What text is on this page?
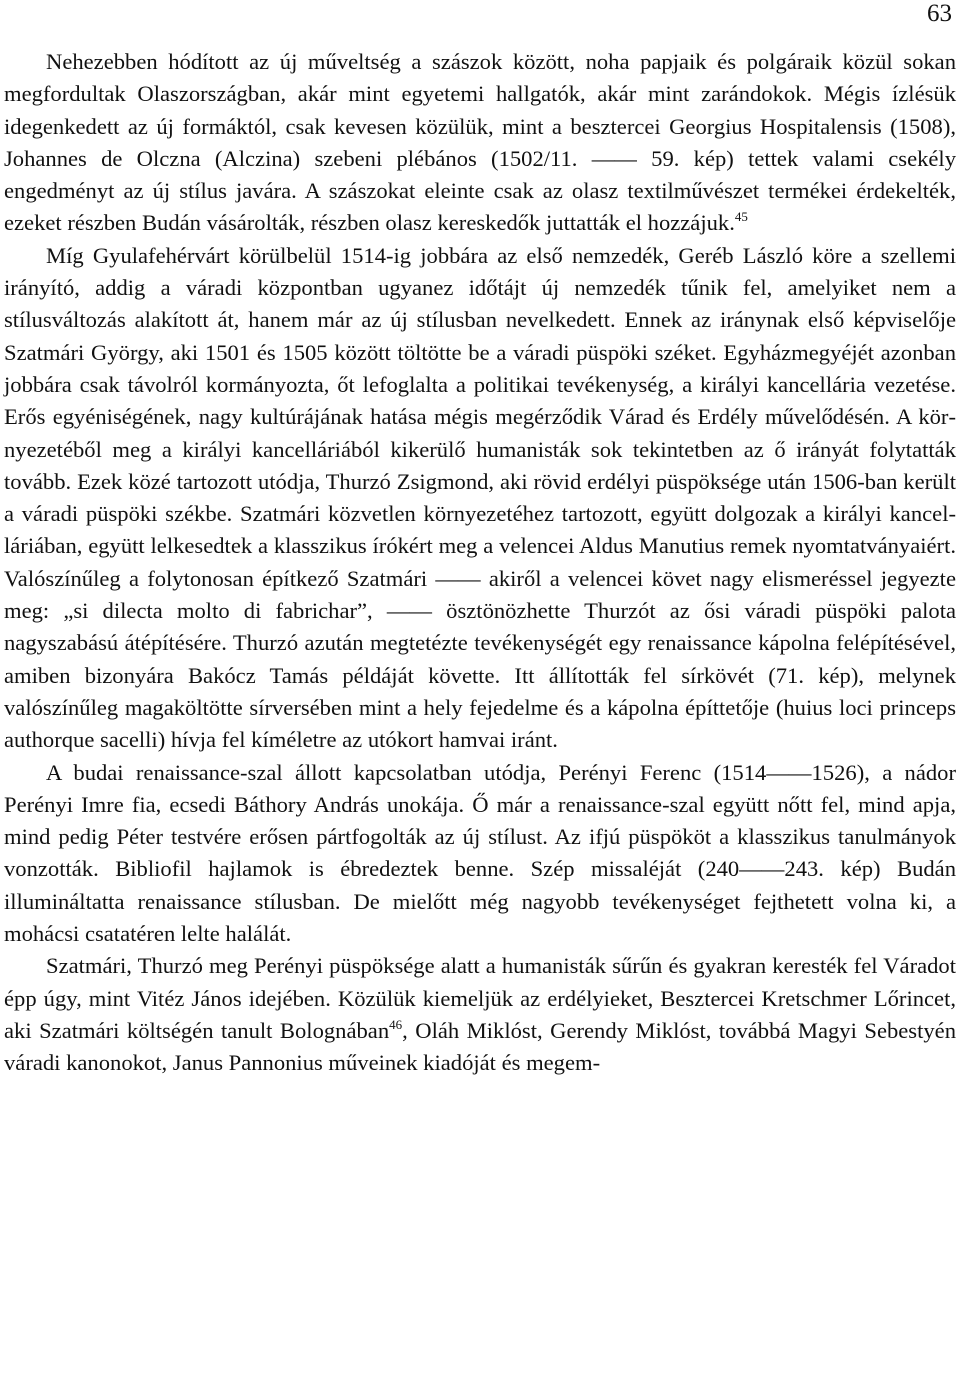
63

Nehezebben hódított az új műveltség a szászok között, noha papjaik és polgáraik közül sokan megfordultak Olaszországban, akár mint egyetemi hallgatók, akár mint zarándokok. Mégis ízlésük idegenkedett az új formáktól, csak kevesen közülük, mint a besztercei Georgius Hospitalensis (1508), Johannes de Olczna (Alczina) szebeni plébános (1502/11. —— 59. kép) tettek valami csekély engedményt az új stílus javára. A szászokat eleinte csak az olasz textilművészet termékei érdekelték, ezeket részben Budán vásárolták, részben olasz kereskedők juttatták el hozzájuk.$^{45}$

Míg Gyulafehérvárt körülbelül 1514-ig jobbára az első nemzedék, Geréb László köre a szellemi irányító, addig a váradi központban ugyanez időtájt új nemzedék tűnik fel, amelyiket nem a stílusváltozás alakított át, hanem már az új stílusban nevelkedett. Ennek az iránynak első képviselője Szatmári György, aki 1501 és 1505 között töltötte be a váradi püspöki széket. Egyházmegyéjét azonban jobbára csak távolról kormányozta, őt lefoglalta a politikai tevékenység, a királyi kancellária vezetése. Erős egyéniségének, nagy kultúrájának hatása mégis megérződik Várad és Erdély művelődésén. A környezetéből meg a királyi kancelláriából kikerülő humanisták sok tekintetben az ő irányát folytatták tovább. Ezek közé tartozott utódja, Thurzó Zsigmond, aki rövid erdélyi püspöksége után 1506-ban került a váradi püspöki székbe. Szatmári közvetlen környezetéhez tartozott, együtt dolgozak a királyi kancelláriában, együtt lelkesedtek a klasszikus írókért meg a velencei Aldus Manutius remek nyomtatványaiért. Valószínűleg a folytonosan építkező Szatmári —— akiről a velencei követ nagy elismeréssel jegyezte meg: „si dilecta molto di fabrichar”, —— ösztönözhette Thurzót az ősi váradi püspöki palota nagyszabású átépítésére. Thurzó azután megtetézte tevékenységét egy renaissance kápolna felépítésével, amiben bizonyára Bakócz Tamás példáját követte. Itt állították fel sírkövét (71. kép), melynek valószínűleg magaköltötte sírversében mint a hely fejedelme és a kápolna építtetője (huius loci princeps authorque sacelli) hívja fel kíméletre az utókort hamvai iránt.

A budai renaissance-szal állott kapcsolatban utódja, Perényi Ferenc (1514——1526), a nádor Perényi Imre fia, ecsedi Báthory András unokája. Ő már a renaissance-szal együtt nőtt fel, mind apja, mind pedig Péter testvére erősen pártfogolták az új stílust. Az ifjú püspököt a klasszikus tanulmányok vonzották. Bibliofil hajlamok is ébredeztek benne. Szép missaléját (240——243. kép) Budán illumináltatta renaissance stílusban. De mielőtt még nagyobb tevékenységet fejthetett volna ki, a mohácsi csatatéren lelte halálát.

Szatmári, Thurzó meg Perényi püspöksége alatt a humanisták sűrűn és gyakran keresték fel Váradot épp úgy, mint Vitéz János idejében. Közülük kiemeljük az erdélyieket, Besztercei Kretschmer Lőrincet, aki Szatmári költségén tanult Bolognában$^{46}$, Oláh Miklóst, Gerendy Miklóst, továbbá Magyi Sebestyén váradi kanonokot, Janus Pannonius műveinek kiadóját és megem-
